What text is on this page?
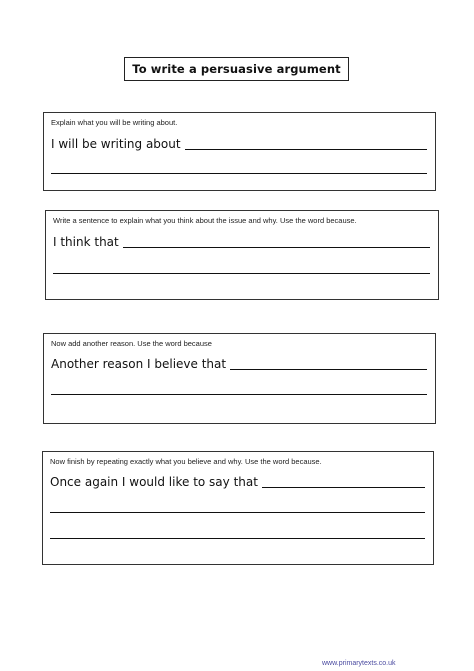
To write a persuasive argument
Explain what you will be writing about.
I will be writing about
Write a sentence to explain what you think about the issue and why. Use the word because.
I think that
Now add another reason. Use the word because
Another reason I believe that
Now finish by repeating exactly what you believe and why. Use the word because.
Once again I would like to say that
www.primarytexts.co.uk
